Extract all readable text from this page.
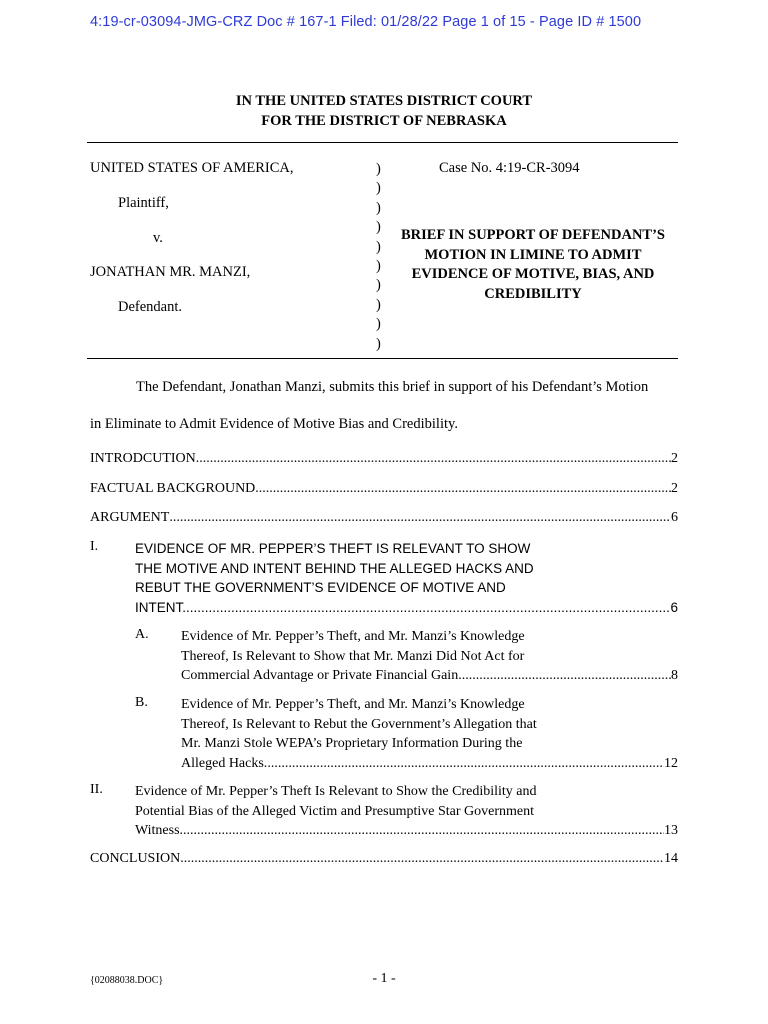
4:19-cr-03094-JMG-CRZ Doc # 167-1 Filed: 01/28/22 Page 1 of 15 - Page ID # 1500
IN THE UNITED STATES DISTRICT COURT
FOR THE DISTRICT OF NEBRASKA
UNITED STATES OF AMERICA,
Plaintiff,
v.
JONATHAN MR. MANZI,
Defendant.
)
)
)
)
)
)
)
)
)
)
Case No. 4:19-CR-3094
BRIEF IN SUPPORT OF DEFENDANT’S MOTION IN LIMINE TO ADMIT EVIDENCE OF MOTIVE, BIAS, AND CREDIBILITY
The Defendant, Jonathan Manzi, submits this brief in support of his Defendant’s Motion
in Eliminate to Admit Evidence of Motive Bias and Credibility.
INTRODCUTION .....	2
FACTUAL BACKGROUND .....	2
ARGUMENT .....	6
I.	EVIDENCE OF MR. PEPPER’S THEFT IS RELEVANT TO SHOW
THE MOTIVE AND INTENT BEHIND THE ALLEGED HACKS AND
REBUT THE GOVERNMENT’S EVIDENCE OF MOTIVE AND
INTENT. .....	6
A. Evidence of Mr. Pepper’s Theft, and Mr. Manzi’s Knowledge
Thereof, Is Relevant to Show that Mr. Manzi Did Not Act for
Commercial Advantage or Private Financial Gain. .....	8
B. Evidence of Mr. Pepper’s Theft, and Mr. Manzi’s Knowledge
Thereof, Is Relevant to Rebut the Government’s Allegation that
Mr. Manzi Stole WEPA’s Proprietary Information During the
Alleged Hacks. .....	12
II. Evidence of Mr. Pepper’s Theft Is Relevant to Show the Credibility and
Potential Bias of the Alleged Victim and Presumptive Star Government
Witness .....	13
CONCLUSION .....	14
{02088038.DOC}	- 1 -
